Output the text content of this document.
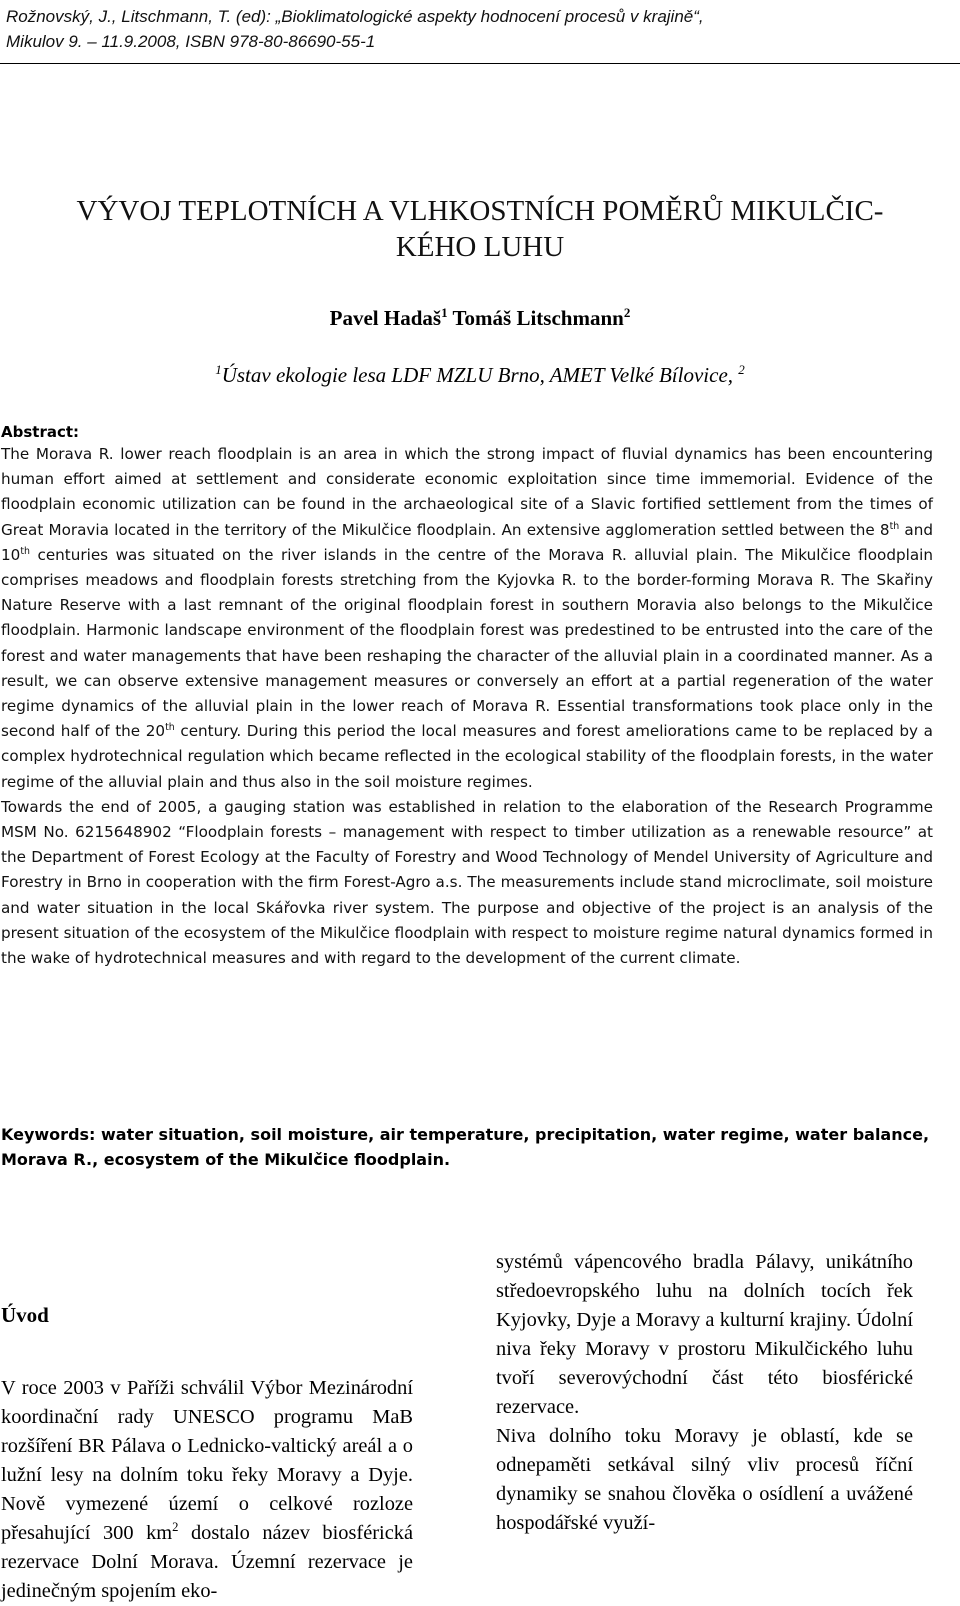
Rožnovský, J., Litschmann, T. (ed): „Bioklimatologické aspekty hodnocení procesů v krajině“,
Mikulov 9. – 11.9.2008, ISBN 978-80-86690-55-1
VÝVOJ TEPLOTNÍCH A VLHKOSTNÍCH POMĚRŮ MIKULČIC-
KÉHO LUHU
Pavel Hadaš$^1$ Tomáš Litschmann$^2$
$^1$Ústav ekologie lesa LDF MZLU Brno, AMET Velké Bílovice, $^2$
Abstract:

The Morava R. lower reach floodplain is an area in which the strong impact of fluvial dynamics has been encountering human effort aimed at settlement and considerate economic exploitation since time immemorial. Evidence of the floodplain economic utilization can be found in the archaeological site of a Slavic fortified settlement from the times of Great Moravia located in the territory of the Mikulčice floodplain. An extensive agglomeration settled between the 8th and 10th centuries was situated on the river islands in the centre of the Morava R. alluvial plain. The Mikulčice floodplain comprises meadows and floodplain forests stretching from the Kyjovka R. to the border-forming Morava R. The Skařiny Nature Reserve with a last remnant of the original floodplain forest in southern Moravia also belongs to the Mikulčice floodplain. Harmonic landscape environment of the floodplain forest was predestined to be entrusted into the care of the forest and water managements that have been reshaping the character of the alluvial plain in a coordinated manner. As a result, we can observe extensive management measures or conversely an effort at a partial regeneration of the water regime dynamics of the alluvial plain in the lower reach of Morava R. Essential transformations took place only in the second half of the 20th century. During this period the local measures and forest ameliorations came to be replaced by a complex hydrotechnical regulation which became reflected in the ecological stability of the floodplain forests, in the water regime of the alluvial plain and thus also in the soil moisture regimes.

Towards the end of 2005, a gauging station was established in relation to the elaboration of the Research Programme MSM No. 6215648902 “Floodplain forests – management with respect to timber utilization as a renewable resource” at the Department of Forest Ecology at the Faculty of Forestry and Wood Technology of Mendel University of Agriculture and Forestry in Brno in cooperation with the firm Forest-Agro a.s. The measurements include stand microclimate, soil moisture and water situation in the local Skářovka river system. The purpose and objective of the project is an analysis of the present situation of the ecosystem of the Mikulčice floodplain with respect to moisture regime natural dynamics formed in the wake of hydrotechnical measures and with regard to the development of the current climate.

Keywords: water situation, soil moisture, air temperature, precipitation, water regime, water balance, Morava R., ecosystem of the Mikulčice floodplain.
Úvod

V roce 2003 v Paříži schválil Výbor Mezinárodní koordinační rady UNESCO programu MaB rozšíření BR Pálava o Lednicko-valtický areál a o lužní lesy na dolním toku řeky Moravy a Dyje. Nově vymezené území o celkové rozloze přesahující 300 $km^2$ dostalo název biosférická rezervace Dolní Morava. Územní rezervace je jedinečným spojením eko-

systémů vápencového bradla Pálavy, unikátního středoevropského luhu na dolních tocích řek Kyjovky, Dyje a Moravy a kulturní krajiny. Údolní niva řeky Moravy v prostoru Mikulčického luhu tvoří severovýchodní část této biosférické rezervace.

Niva dolního toku Moravy je oblastí, kde se odnepaměti setkával silný vliv procesů říční dynamiky se snahou člověka o osídlení a uvážené hospodářské využí-
